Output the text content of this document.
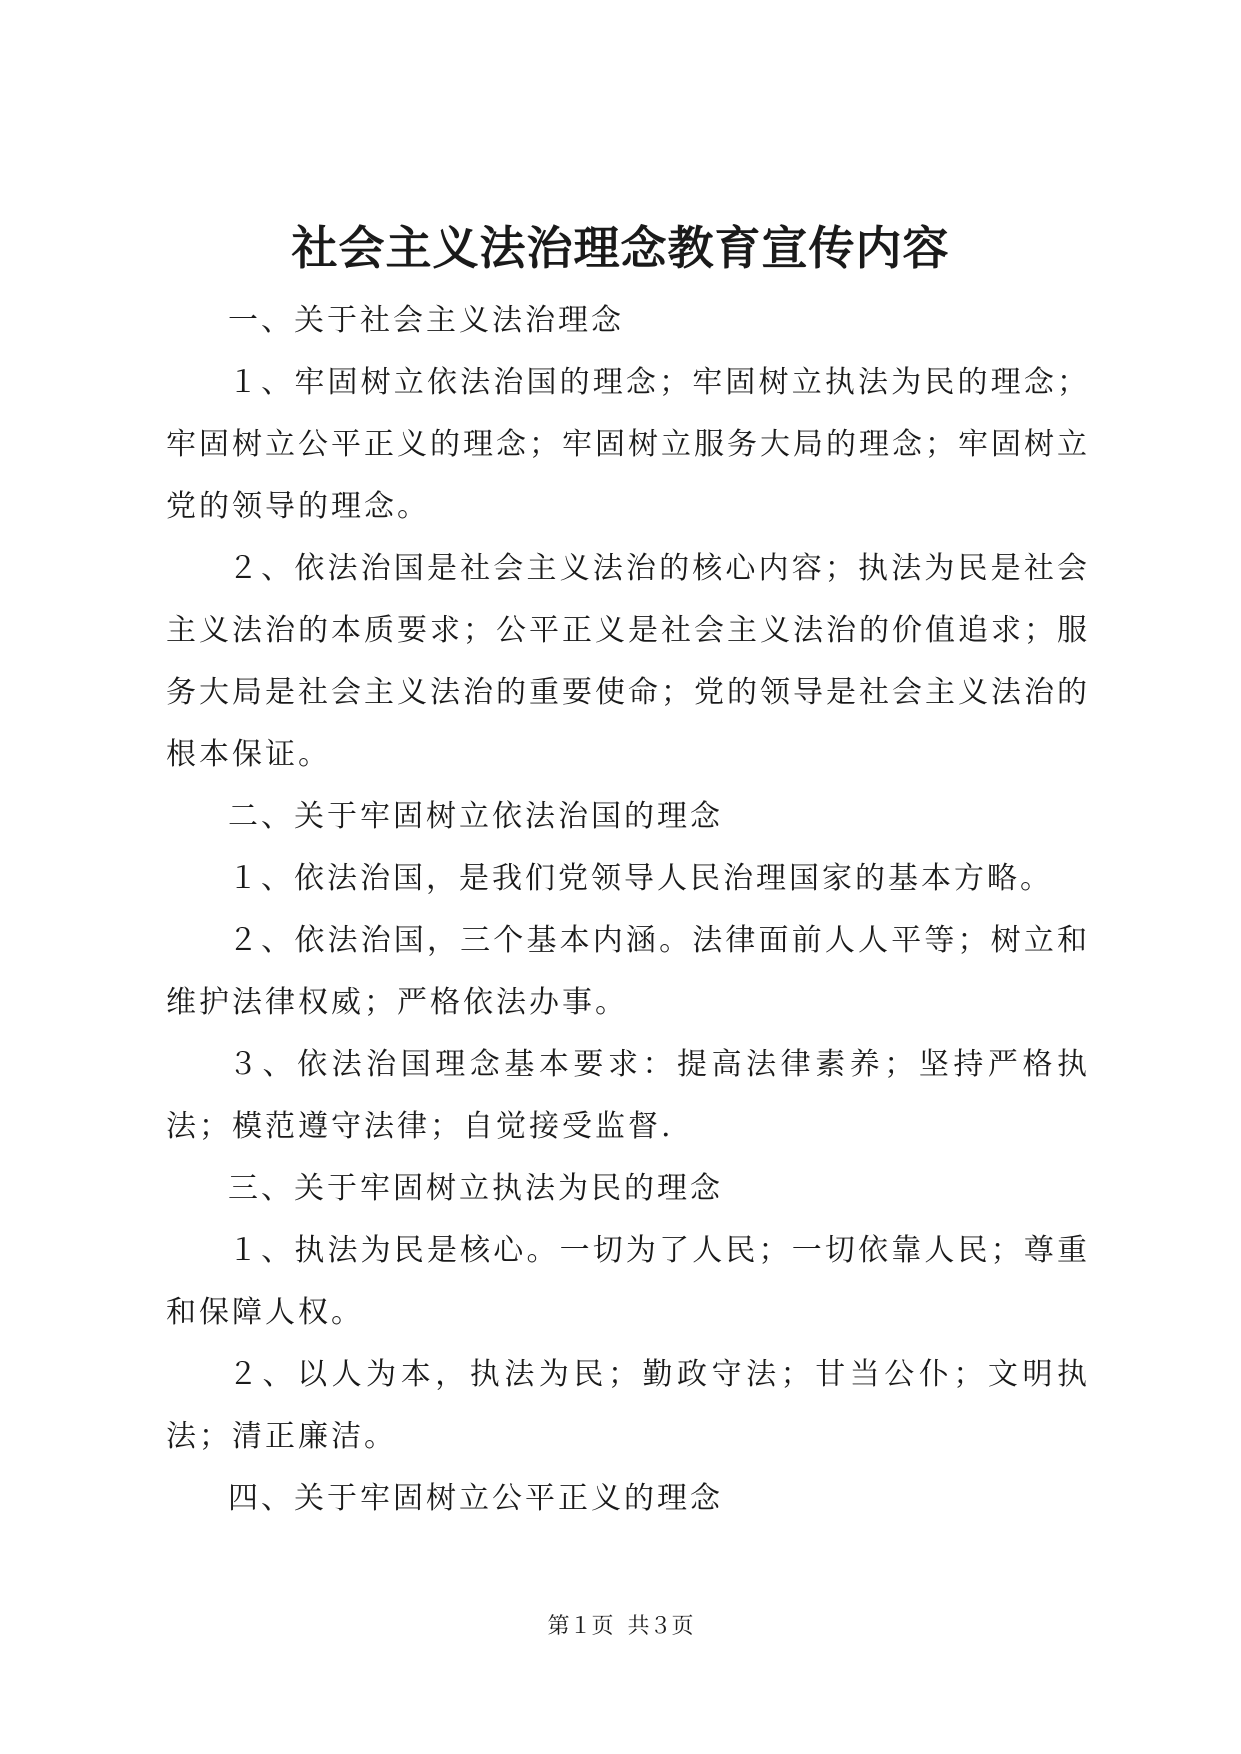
社会主义法治理念教育宣传内容

一、关于社会主义法治理念

１、牢固树立依法治国的理念；牢固树立执法为民的理念；牢固树立公平正义的理念；牢固树立服务大局的理念；牢固树立党的领导的理念。

２、依法治国是社会主义法治的核心内容；执法为民是社会主义法治的本质要求；公平正义是社会主义法治的价值追求；服务大局是社会主义法治的重要使命；党的领导是社会主义法治的根本保证。

二、关于牢固树立依法治国的理念

１、依法治国，是我们党领导人民治理国家的基本方略。

２、依法治国，三个基本内涵。法律面前人人平等；树立和维护法律权威；严格依法办事。

３、依法治国理念基本要求：提高法律素养；坚持严格执法；模范遵守法律；自觉接受监督.

三、关于牢固树立执法为民的理念

１、执法为民是核心。一切为了人民；一切依靠人民；尊重和保障人权。

２、以人为本，执法为民；勤政守法；甘当公仆；文明执法；清正廉洁。

四、关于牢固树立公平正义的理念

第１页 共３页
